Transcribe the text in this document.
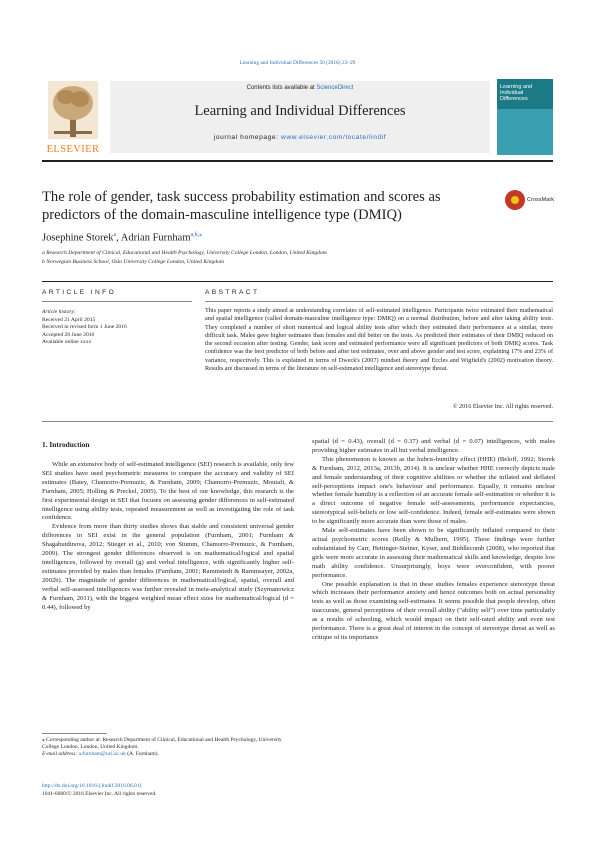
Learning and Individual Differences 50 (2016) 23–29
ELSEVIER
Contents lists available at ScienceDirect
Learning and Individual Differences
journal homepage: www.elsevier.com/locate/lindif
Learning and Individual Differences
The role of gender, task success probability estimation and scores as
predictors of the domain-masculine intelligence type (DMIQ)
CrossMark
Josephine Storek$^a$, Adrian Furnham$^{a,b,⁎}$
a Research Department of Clinical, Educational and Health Psychology, University College London, London, United Kingdom
b Norwegian Business School, Oslo University College London, United Kingdom
ARTICLE INFO
Article history:
Received 21 April 2015
Received in revised form 1 June 2016
Accepted 20 June 2016
Available online xxxx
ABSTRACT
This paper reports a study aimed at understanding correlates of self-estimated intelligence. Participants twice estimated their mathematical and spatial intelligence (called domain-masculine intelligence type: DMIQ) on a normal distribution, before and after taking ability tests. They completed a number of short numerical and logical ability tests after which they estimated their performance at a similar, more difficult task. Males gave higher estimates than females and did better on the tests. As predicted their estimates of their DMIQ reduced on the second occasion after testing. Gender, task score and estimated performance were all significant predictors of both DMIQ scores. Task confidence was the best predictor of both before and after test estimates, over and above gender and test score, explaining 17% and 23% of variance, respectively. This is explained in terms of Dweck's (2007) mindset theory and Eccles and Wigfield's (2002) motivation theory. Results are discussed in terms of the literature on self-estimated intelligence and stereotype threat.
© 2016 Elsevier Inc. All rights reserved.
1. Introduction

While an extensive body of self-estimated intelligence (SEI) research is available, only few SEI studies have used psychometric measures to compare the accuracy and validity of SEI estimates (Batey, Chamorro-Premuzic, & Furnham, 2009; Chamorro-Premuzic, Moutafi, & Furnham, 2005; Holling & Preckel, 2005). To the best of our knowledge, this research is the first experimental design in SEI that focuses on assessing gender differences in self-estimated intelligence using ability tests, repeated measurement as well as investigating the role of task confidence.

Evidence from more than thirty studies shows that stable and consistent universal gender differences in SEI exist in the general population (Furnham, 2001; Furnham & Shagabutdinova, 2012; Stieger et al., 2010; von Stumm, Chamorro-Premuzic, & Furnham, 2009). The strongest gender differences observed is on mathematical/logical and spatial intelligences, followed by overall (g) and verbal intelligence, with significantly higher self-estimates provided by males than females (Furnham, 2001; Rammstedt & Rammsayer, 2002a, 2002b). The magnitude of gender differences in mathematical/logical, spatial, overall and verbal self-assessed intelligences was further revealed in meta-analytical study (Szymanowicz & Furnham, 2011), with the biggest weighted mean effect sizes for mathematical/logical (d = 0.44), followed by

spatial (d = 0.43), overall (d = 0.37) and verbal (d = 0.07) intelligences, with males providing higher estimates in all but verbal intelligence.

This phenomenon is known as the hubris-humility effect (HHE) (Beloff, 1992; Storek & Furnham, 2012, 2013a, 2013b, 2014). It is unclear whether HHE correctly depicts male and female understanding of their cognitive abilities or whether the inflated and deflated self-perceptions impact one's behaviour and performance. Equally, it remains unclear whether female humility is a reflection of an accurate female self-estimation or whether it is a direct outcome of negative female self-assessments, performance expectancies, stereotypical self-beliefs or low self-confidence. Indeed, female self-estimates were shown to be significantly more accurate than were those of males.

Male self-estimates have been shown to be significantly inflated compared to their actual psychometric scores (Reilly & Mulhern, 1995). These findings were further substantiated by Carr, Hettinger-Steiner, Kyser, and Biddlecomb (2008), who reported that girls were more accurate in assessing their mathematical skills and knowledge, despite low math ability confidence. Unsurprisingly, boys were overconfident, with poorer performance.

One possible explanation is that in these studies females experience stereotype threat which increases their performance anxiety and hence outcomes both on actual personality tests as well as those examining self-estimates. It seems possible that people develop, often inaccurate, general perceptions of their overall ability ("ability self") over time particularly as a results of schooling, which would impact on their self-rated ability and even test performance. There is a great deal of interest in the concept of stereotype threat as well as critique of its importance

⁎ Corresponding author at: Research Department of Clinical, Educational and Health Psychology, University College London, London, United Kingdom.
E-mail address: a.furnham@ucl.ac.uk (A. Furnham).
http://dx.doi.org/10.1016/j.lindif.2016.06.011
1041-6080/© 2016 Elsevier Inc. All rights reserved.
